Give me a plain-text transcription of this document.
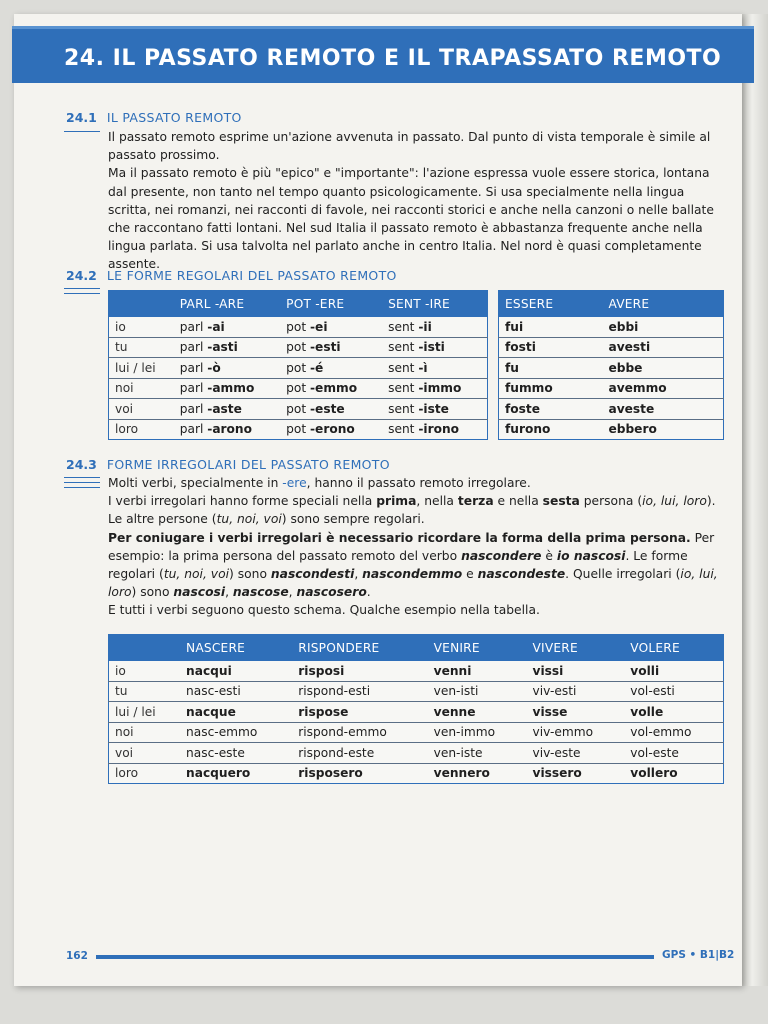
24. IL PASSATO REMOTO E IL TRAPASSATO REMOTO
24.1 IL PASSATO REMOTO

Il passato remoto esprime un'azione avvenuta in passato. Dal punto di vista temporale è simile al passato prossimo.

Ma il passato remoto è più "epico" e "importante": l'azione espressa vuole essere storica, lontana dal presente, non tanto nel tempo quanto psicologicamente. Si usa specialmente nella lingua scritta, nei romanzi, nei racconti di favole, nei racconti storici e anche nella canzoni o nelle ballate che raccontano fatti lontani. Nel sud Italia il passato remoto è abbastanza frequente anche nella lingua parlata. Si usa talvolta nel parlato anche in centro Italia. Nel nord è quasi completamente assente.

24.2 LE FORME REGOLARI DEL PASSATO REMOTO
	PARL -ARE	POT -ERE	SENT -IRE
io	parl -ai	pot -ei	sent -ii
tu	parl -asti	pot -esti	sent -isti
lui / lei	parl -ò	pot -é	sent -ì
noi	parl -ammo	pot -emmo	sent -immo
voi	parl -aste	pot -este	sent -iste
loro	parl -arono	pot -erono	sent -irono
ESSERE	AVERE
fui	ebbi
fosti	avesti
fu	ebbe
fummo	avemmo
foste	aveste
furono	ebbero
24.3 FORME IRREGOLARI DEL PASSATO REMOTO

Molti verbi, specialmente in -ere, hanno il passato remoto irregolare.

I verbi irregolari hanno forme speciali nella prima, nella terza e nella sesta persona (io, lui, loro).

Le altre persone (tu, noi, voi) sono sempre regolari.

Per coniugare i verbi irregolari è necessario ricordare la forma della prima persona. Per esempio: la prima persona del passato remoto del verbo nascondere è io nascosi. Le forme regolari (tu, noi, voi) sono nascondesti, nascondemmo e nascondeste. Quelle irregolari (io, lui, loro) sono nascosi, nascose, nascosero.

E tutti i verbi seguono questo schema. Qualche esempio nella tabella.

	NASCERE	RISPONDERE	VENIRE	VIVERE	VOLERE
io	nacqui	risposi	venni	vissi	volli
tu	nasc-esti	rispond-esti	ven-isti	viv-esti	vol-esti
lui / lei	nacque	rispose	venne	visse	volle
noi	nasc-emmo	rispond-emmo	ven-immo	viv-emmo	vol-emmo
voi	nasc-este	rispond-este	ven-iste	viv-este	vol-este
loro	nacquero	risposero	vennero	vissero	vollero
162	GPS • B1|B2
